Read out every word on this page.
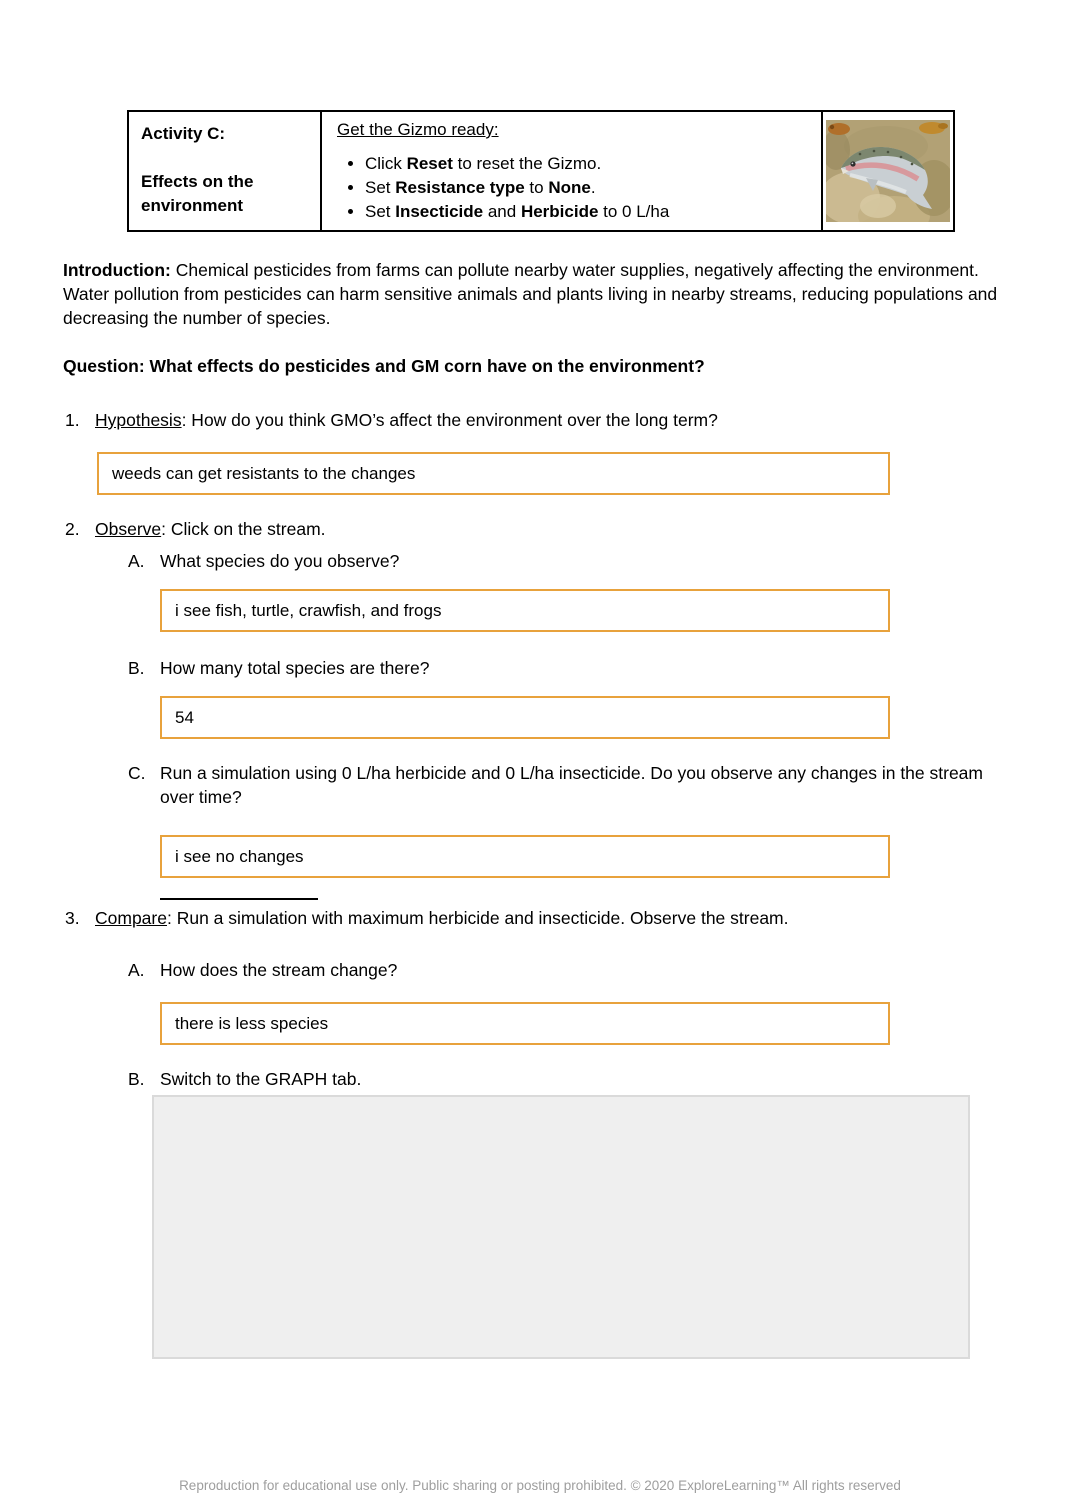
Activity C:
Effects on the environment
Get the Gizmo ready:
• Click Reset to reset the Gizmo.
• Set Resistance type to None.
• Set Insecticide and Herbicide to 0 L/ha

Introduction: Chemical pesticides from farms can pollute nearby water supplies, negatively affecting the environment. Water pollution from pesticides can harm sensitive animals and plants living in nearby streams, reducing populations and decreasing the number of species.

Question: What effects do pesticides and GM corn have on the environment?

1. Hypothesis: How do you think GMO’s affect the environment over the long term?
weeds can get resistants to the changes
2. Observe: Click on the stream.
A. What species do you observe?
i see fish, turtle, crawfish, and frogs
B. How many total species are there?
54
C. Run a simulation using 0 L/ha herbicide and 0 L/ha insecticide. Do you observe any changes in the stream over time?
i see no changes
3. Compare: Run a simulation with maximum herbicide and insecticide. Observe the stream.
A. How does the stream change?
there is less species
B. Switch to the GRAPH tab.
Reproduction for educational use only. Public sharing or posting prohibited. © 2020 ExploreLearning™ All rights reserved
